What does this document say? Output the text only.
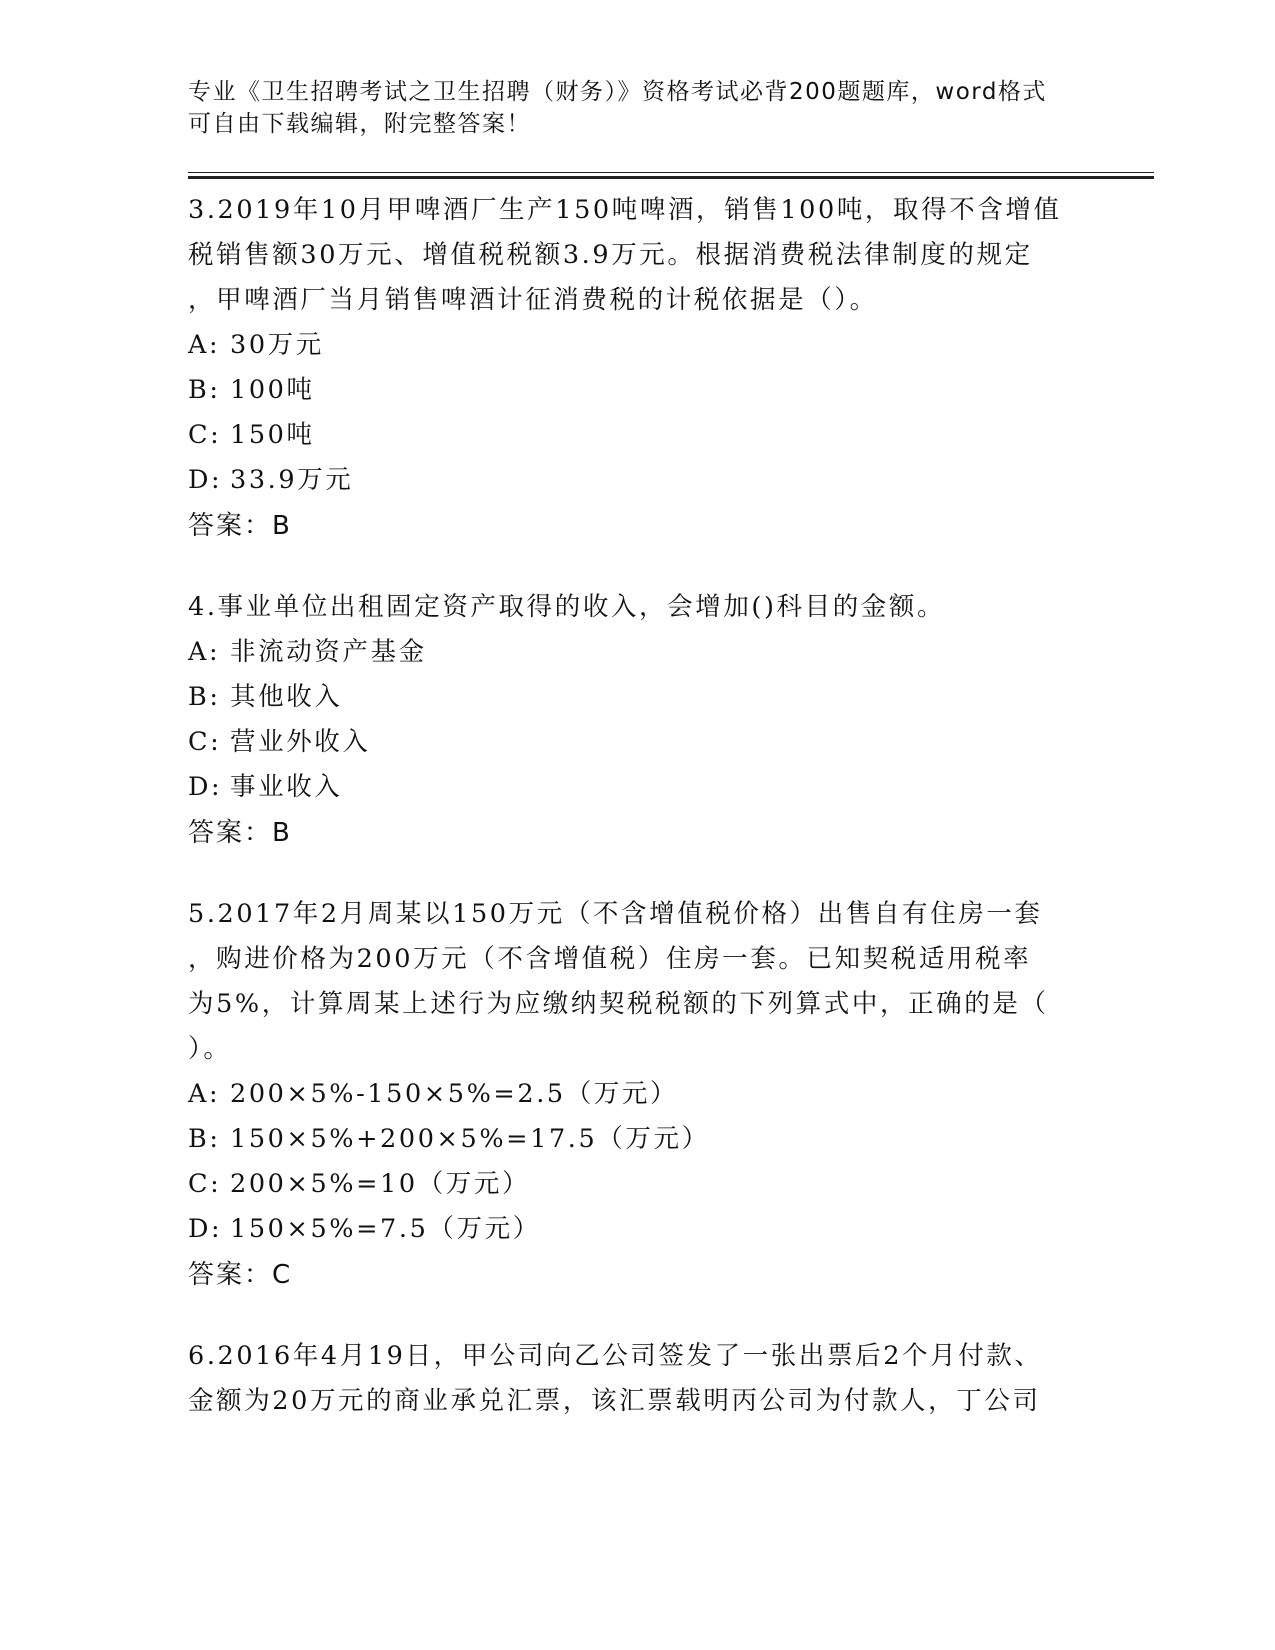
专业《卫生招聘考试之卫生招聘（财务）》资格考试必背200题题库，word格式
可自由下载编辑，附完整答案！
3.2019年10月甲啤酒厂生产150吨啤酒，销售100吨，取得不含增值
税销售额30万元、增值税税额3.9万元。根据消费税法律制度的规定
，甲啤酒厂当月销售啤酒计征消费税的计税依据是（）。
A: 30万元
B: 100吨
C: 150吨
D: 33.9万元
答案：B
4.事业单位出租固定资产取得的收入，会增加()科目的金额。
A: 非流动资产基金
B: 其他收入
C: 营业外收入
D: 事业收入
答案：B
5.2017年2月周某以150万元（不含增值税价格）出售自有住房一套
，购进价格为200万元（不含增值税）住房一套。已知契税适用税率
为5%，计算周某上述行为应缴纳契税税额的下列算式中，正确的是（
）。
A: 200×5%-150×5%=2.5（万元）
B: 150×5%+200×5%=17.5（万元）
C: 200×5%=10（万元）
D: 150×5%=7.5（万元）
答案：C
6.2016年4月19日，甲公司向乙公司签发了一张出票后2个月付款、
金额为20万元的商业承兑汇票，该汇票载明丙公司为付款人，丁公司
